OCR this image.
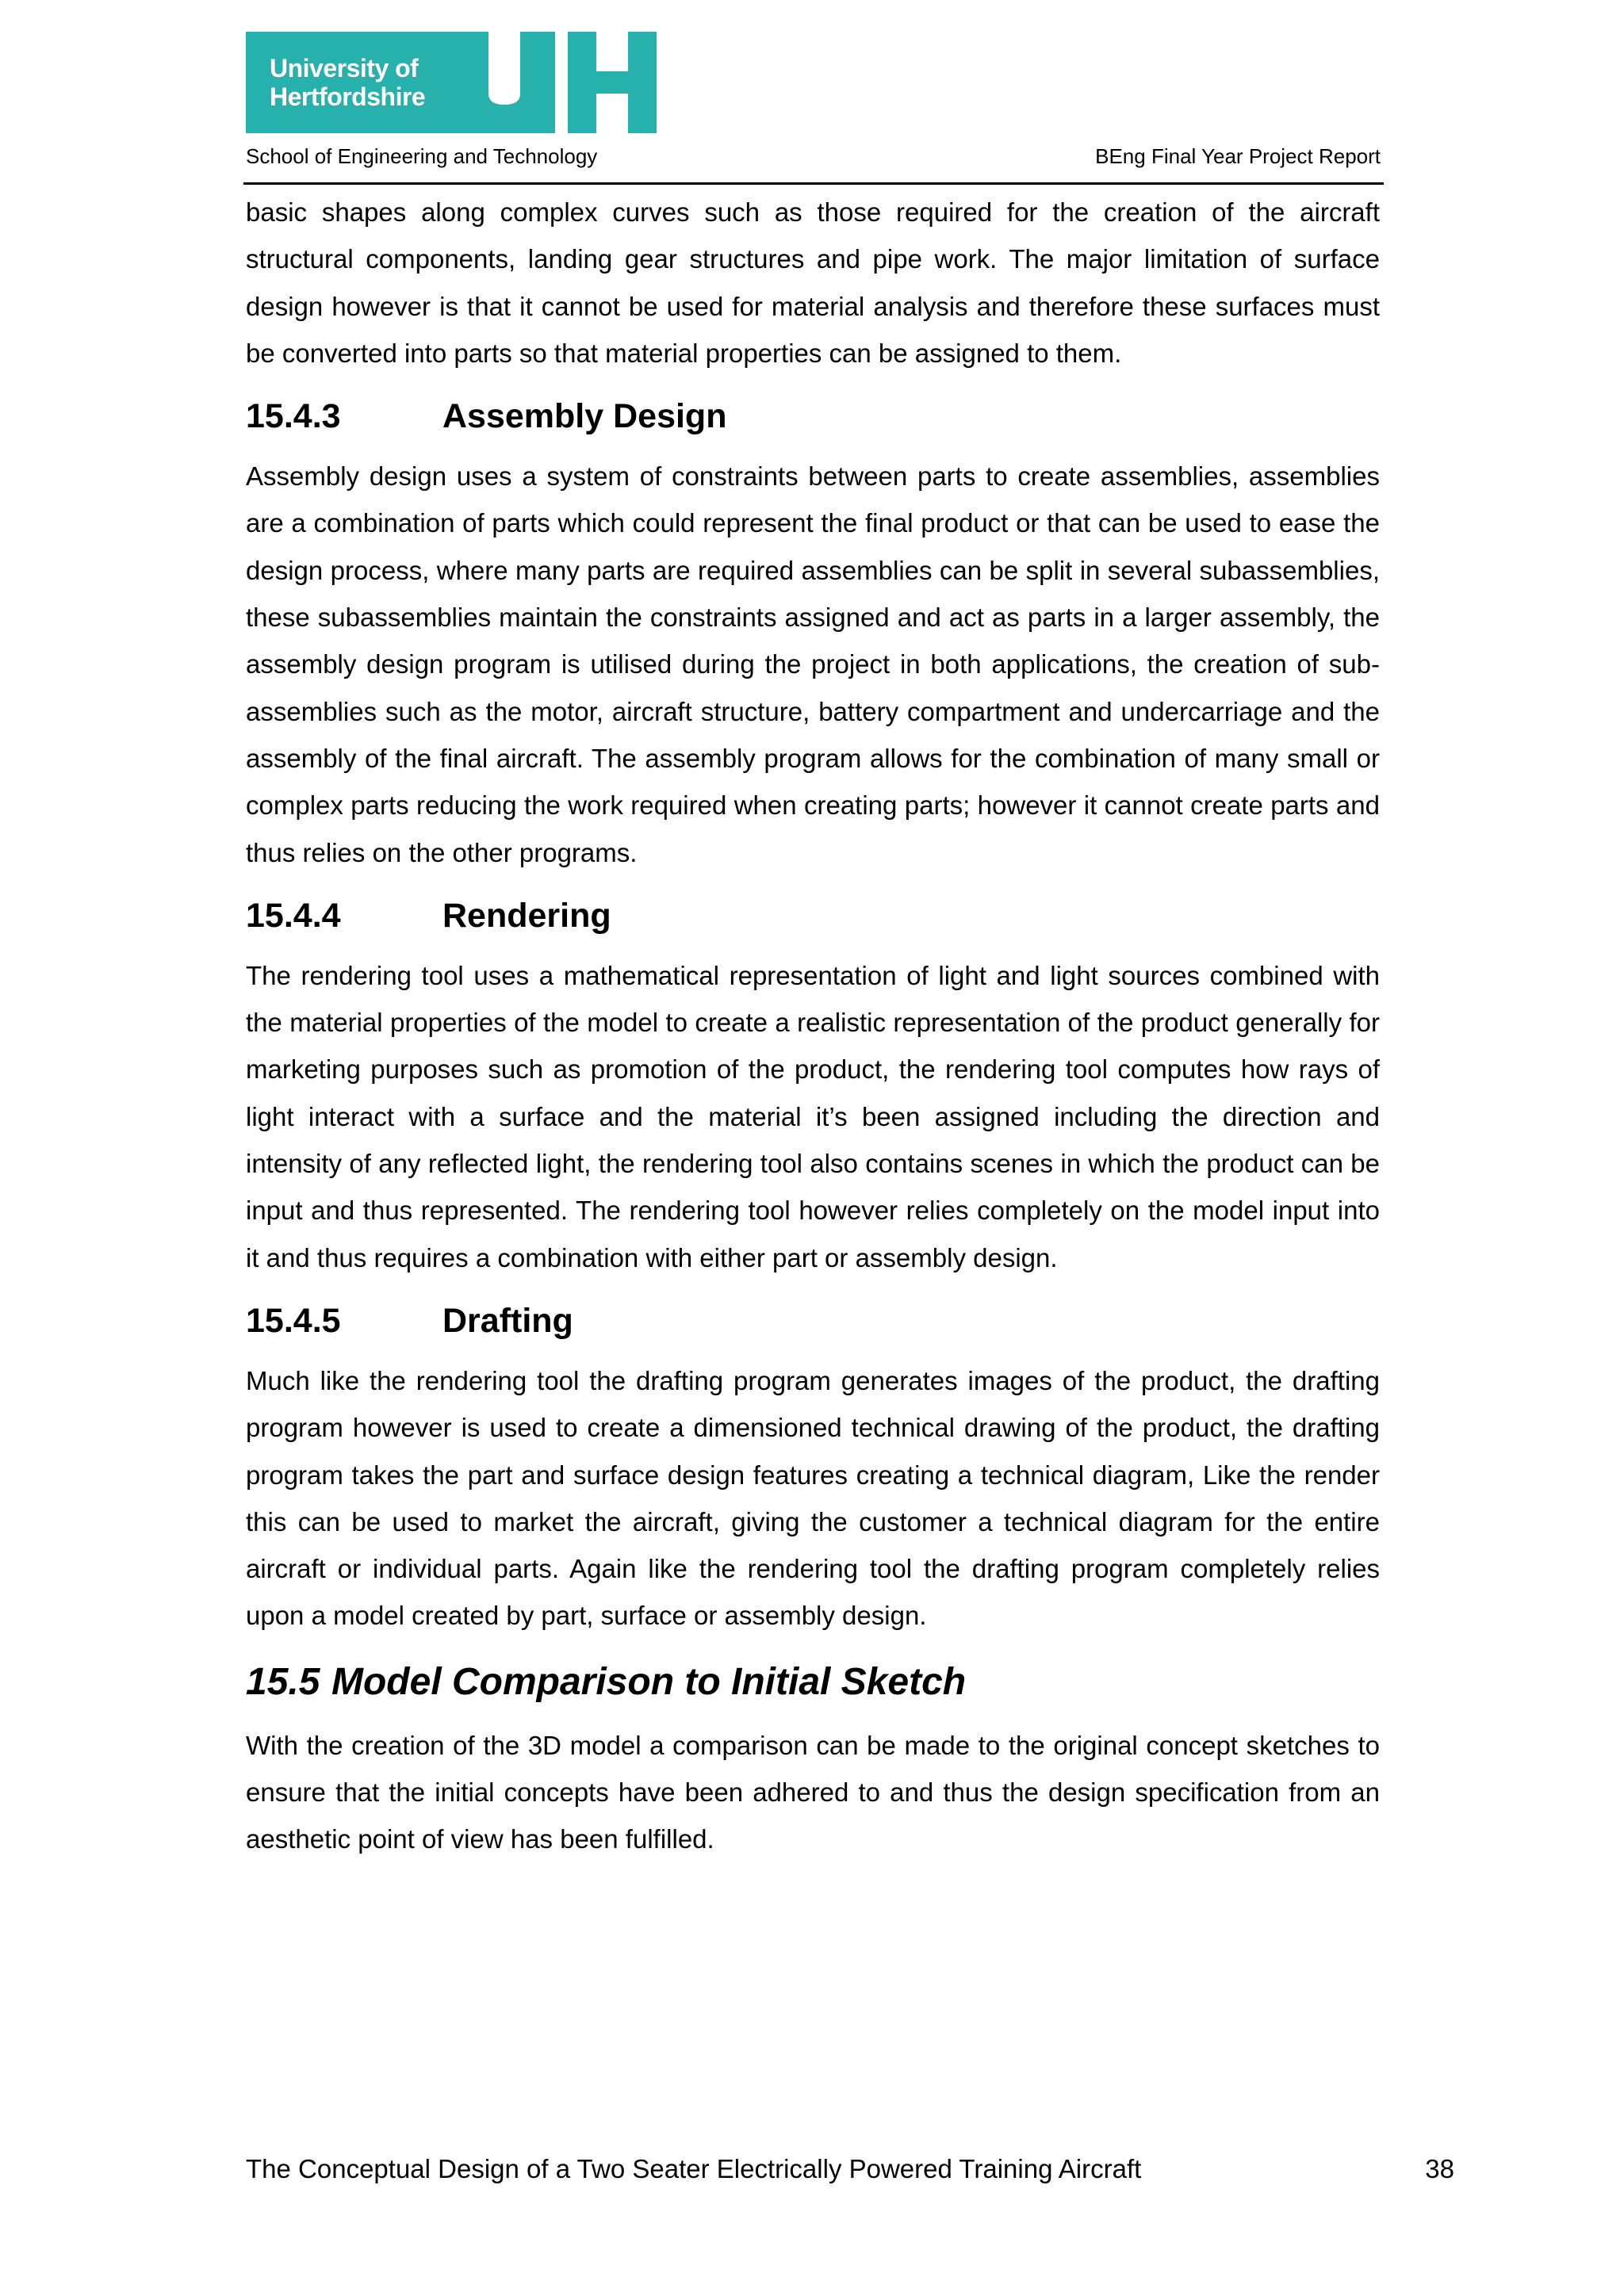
University of
Hertfordshire
School of Engineering and Technology	BEng Final Year Project Report

basic shapes along complex curves such as those required for the creation of the aircraft structural components, landing gear structures and pipe work. The major limitation of surface design however is that it cannot be used for material analysis and therefore these surfaces must be converted into parts so that material properties can be assigned to them.

15.4.3	Assembly Design

Assembly design uses a system of constraints between parts to create assemblies, assemblies are a combination of parts which could represent the final product or that can be used to ease the design process, where many parts are required assemblies can be split in several subassemblies, these subassemblies maintain the constraints assigned and act as parts in a larger assembly, the assembly design program is utilised during the project in both applications, the creation of sub-assemblies such as the motor, aircraft structure, battery compartment and undercarriage and the assembly of the final aircraft. The assembly program allows for the combination of many small or complex parts reducing the work required when creating parts; however it cannot create parts and thus relies on the other programs.

15.4.4	Rendering

The rendering tool uses a mathematical representation of light and light sources combined with the material properties of the model to create a realistic representation of the product generally for marketing purposes such as promotion of the product, the rendering tool computes how rays of light interact with a surface and the material it’s been assigned including the direction and intensity of any reflected light, the rendering tool also contains scenes in which the product can be input and thus represented. The rendering tool however relies completely on the model input into it and thus requires a combination with either part or assembly design.

15.4.5	Drafting

Much like the rendering tool the drafting program generates images of the product, the drafting program however is used to create a dimensioned technical drawing of the product, the drafting program takes the part and surface design features creating a technical diagram, Like the render this can be used to market the aircraft, giving the customer a technical diagram for the entire aircraft or individual parts. Again like the rendering tool the drafting program completely relies upon a model created by part, surface or assembly design.

15.5 Model Comparison to Initial Sketch

With the creation of the 3D model a comparison can be made to the original concept sketches to ensure that the initial concepts have been adhered to and thus the design specification from an aesthetic point of view has been fulfilled.

The Conceptual Design of a Two Seater Electrically Powered Training Aircraft	38
